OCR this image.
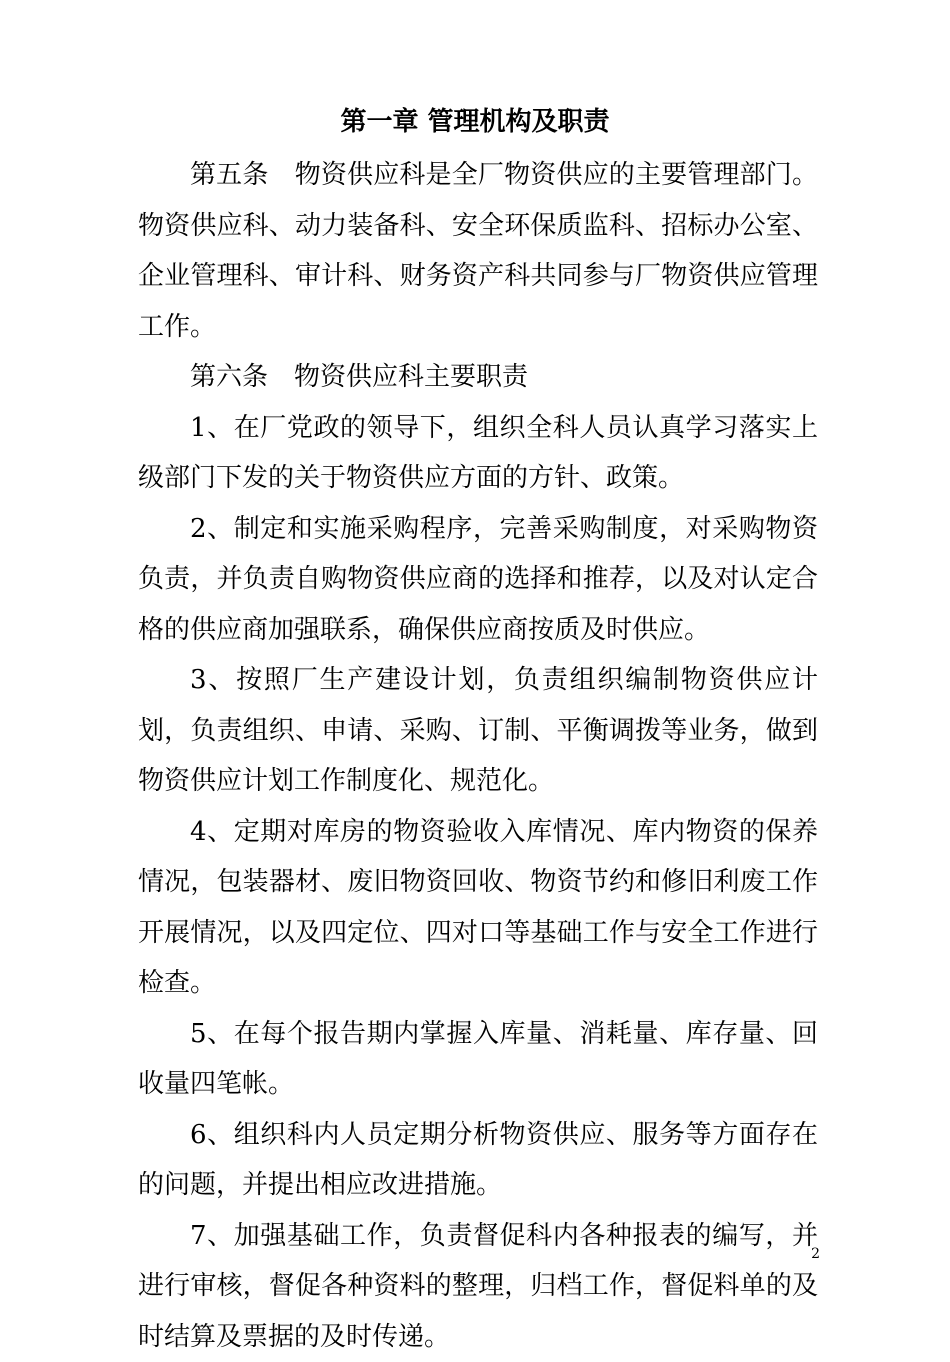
第一章 管理机构及职责

第五条　物资供应科是全厂物资供应的主要管理部门。物资供应科、动力装备科、安全环保质监科、招标办公室、企业管理科、审计科、财务资产科共同参与厂物资供应管理工作。

第六条　物资供应科主要职责

1、在厂党政的领导下，组织全科人员认真学习落实上级部门下发的关于物资供应方面的方针、政策。

2、制定和实施采购程序，完善采购制度，对采购物资负责，并负责自购物资供应商的选择和推荐，以及对认定合格的供应商加强联系，确保供应商按质及时供应。

3、按照厂生产建设计划，负责组织编制物资供应计划，负责组织、申请、采购、订制、平衡调拨等业务，做到物资供应计划工作制度化、规范化。

4、定期对库房的物资验收入库情况、库内物资的保养情况，包装器材、废旧物资回收、物资节约和修旧利废工作开展情况，以及四定位、四对口等基础工作与安全工作进行检查。

5、在每个报告期内掌握入库量、消耗量、库存量、回收量四笔帐。

6、组织科内人员定期分析物资供应、服务等方面存在的问题，并提出相应改进措施。

7、加强基础工作，负责督促科内各种报表的编写，并进行审核，督促各种资料的整理，归档工作，督促料单的及时结算及票据的及时传递。

2
